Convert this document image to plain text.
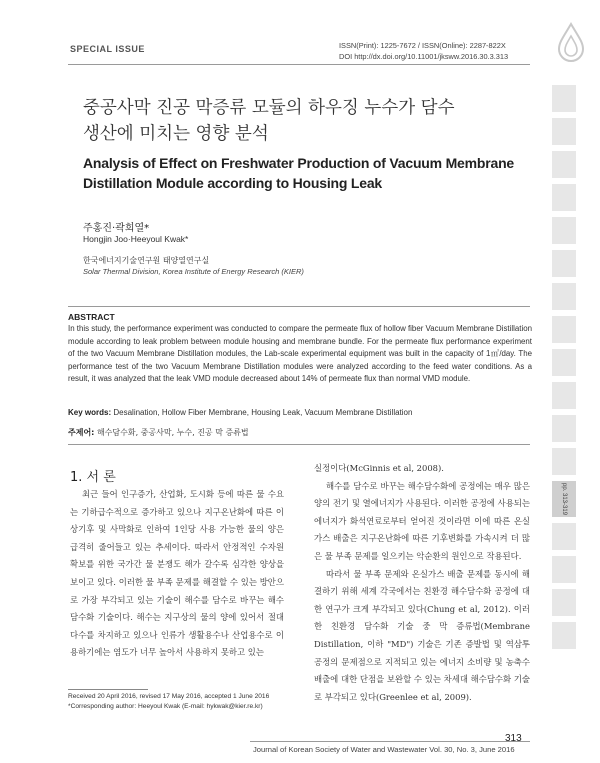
SPECIAL ISSUE	ISSN(Print): 1225-7672 / ISSN(Online): 2287-822X
DOI http://dx.doi.org/10.11001/jksww.2016.30.3.313
중공사막 진공 막증류 모듈의 하우징 누수가 담수
생산에 미치는 영향 분석
Analysis of Effect on Freshwater Production of Vacuum Membrane
Distillation Module according to Housing Leak
주홍진·곽희열*
Hongjin Joo·Heeyoul Kwak*
한국에너지기술연구원 태양열연구실
Solar Thermal Division, Korea Institute of Energy Research (KIER)
ABSTRACT
In this study, the performance experiment was conducted to compare the permeate flux of hollow fiber Vacuum Membrane Distillation module according to leak problem between module housing and membrane bundle. For the permeate flux performance experiment of the two Vacuum Membrane Distillation modules, the Lab-scale experimental equipment was built in the capacity of 1㎥/day. The performance test of the two Vacuum Membrane Distillation modules were analyzed according to the feed water conditions. As a result, it was analyzed that the leak VMD module decreased about 14% of permeate flux than normal VMD module.
Key words: Desalination, Hollow Fiber Membrane, Housing Leak, Vacuum Membrane Distillation
주제어: 해수담수화, 중공사막, 누수, 진공 막 증류법
1. 서 론
최근 들어 인구증가, 산업화, 도시화 등에 따른 물 수요는 기하급수적으로 증가하고 있으나 지구온난화에 따른 이상기후 및 사막화로 인하여 1인당 사용 가능한 물의 양은 급격히 줄어들고 있는 추세이다. 따라서 안정적인 수자원 확보를 위한 국가간 물 분쟁도 해가 갈수록 심각한 양상을 보이고 있다. 이러한 물 부족 문제를 해결할 수 있는 방안으로 가장 부각되고 있는 기술이 해수를 담수로 바꾸는 해수담수화 기술이다. 해수는 지구상의 물의 양에 있어서 절대 다수를 차지하고 있으나 인류가 생활용수나 산업용수로 이용하기에는 염도가 너무 높아서 사용하지 못하고 있는
실정이다(McGinnis et al, 2008).
해수를 담수로 바꾸는 해수담수화에 공정에는 매우 많은 양의 전기 및 열에너지가 사용된다. 이러한 공정에 사용되는 에너지가 화석연료로부터 얻어진 것이라면 이에 따른 온실가스 배출은 지구온난화에 따른 기후변화를 가속시켜 더 많은 물 부족 문제를 일으키는 악순환의 원인으로 작용된다.
따라서 물 부족 문제와 온실가스 배출 문제를 동시에 해결하기 위해 세계 각국에서는 친환경 해수담수화 공정에 대한 연구가 크게 부각되고 있다(Chung et al, 2012). 이러한 친환경 담수화 기술 중 막 증류법(Membrane Distillation, 이하 "MD") 기술은 기존 증발법 및 역삼투 공정의 문제점으로 지적되고 있는 에너지 소비량 및 농축수 배출에 대한 단점을 보완할 수 있는 차세대 해수담수화 기술로 부각되고 있다(Greenlee et al, 2009).
Received 20 April 2016, revised 17 May 2016, accepted 1 June 2016
*Corresponding author: Heeyoul Kwak (E-mail: hykwak@kier.re.kr)
313
Journal of Korean Society of Water and Wastewater Vol. 30, No. 3, June 2016
pp. 313-319
